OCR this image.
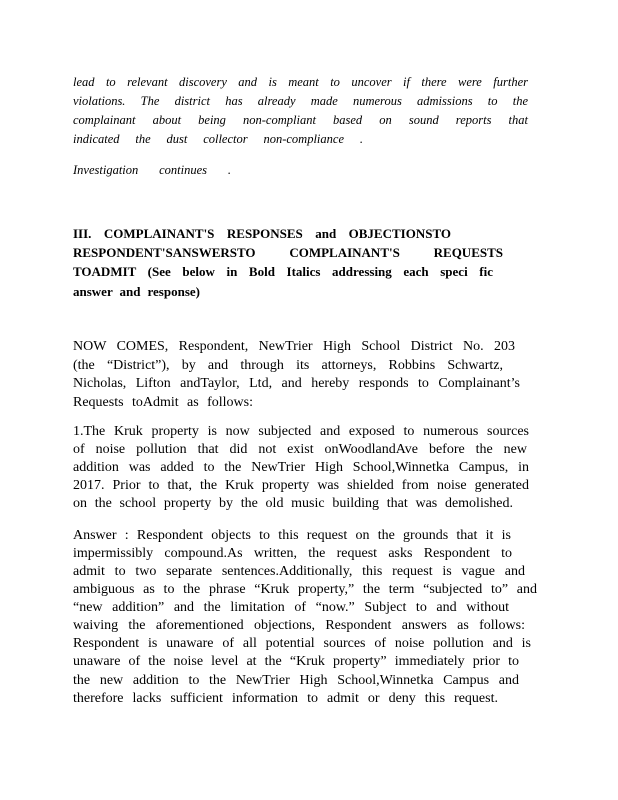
lead to relevant discovery and is meant to uncover if there were further

violations. The district has already made numerous admissions to the

complainant about being non-compliant based on sound reports that

indicated the dust collector non-compliance .

Investigation continues .

III. COMPLAINANT'S RESPONSES and OBJECTIONSTO

RESPONDENT'SANSWERSTO COMPLAINANT'S REQUESTS

TOADMIT (See below in Bold Italics addressing each speci fic

answer and response)

NOW COMES, Respondent, NewTrier High School District No. 203

(the “District”), by and through its attorneys, Robbins Schwartz,

Nicholas, Lifton andTaylor, Ltd, and hereby responds to Complainant’s

Requests toAdmit as follows:

1.The Kruk property is now subjected and exposed to numerous sources

of noise pollution that did not exist onWoodlandAve before the new

addition was added to the NewTrier High School,Winnetka Campus, in

2017. Prior to that, the Kruk property was shielded from noise generated

on the school property by the old music building that was demolished.

Answer : Respondent objects to this request on the grounds that it is

impermissibly compound.As written, the request asks Respondent to

admit to two separate sentences.Additionally, this request is vague and

ambiguous as to the phrase “Kruk property,” the term “subjected to” and

“new addition” and the limitation of “now.” Subject to and without

waiving the aforementioned objections, Respondent answers as follows:

Respondent is unaware of all potential sources of noise pollution and is

unaware of the noise level at the “Kruk property” immediately prior to

the new addition to the NewTrier High School,Winnetka Campus and

therefore lacks sufficient information to admit or deny this request.
